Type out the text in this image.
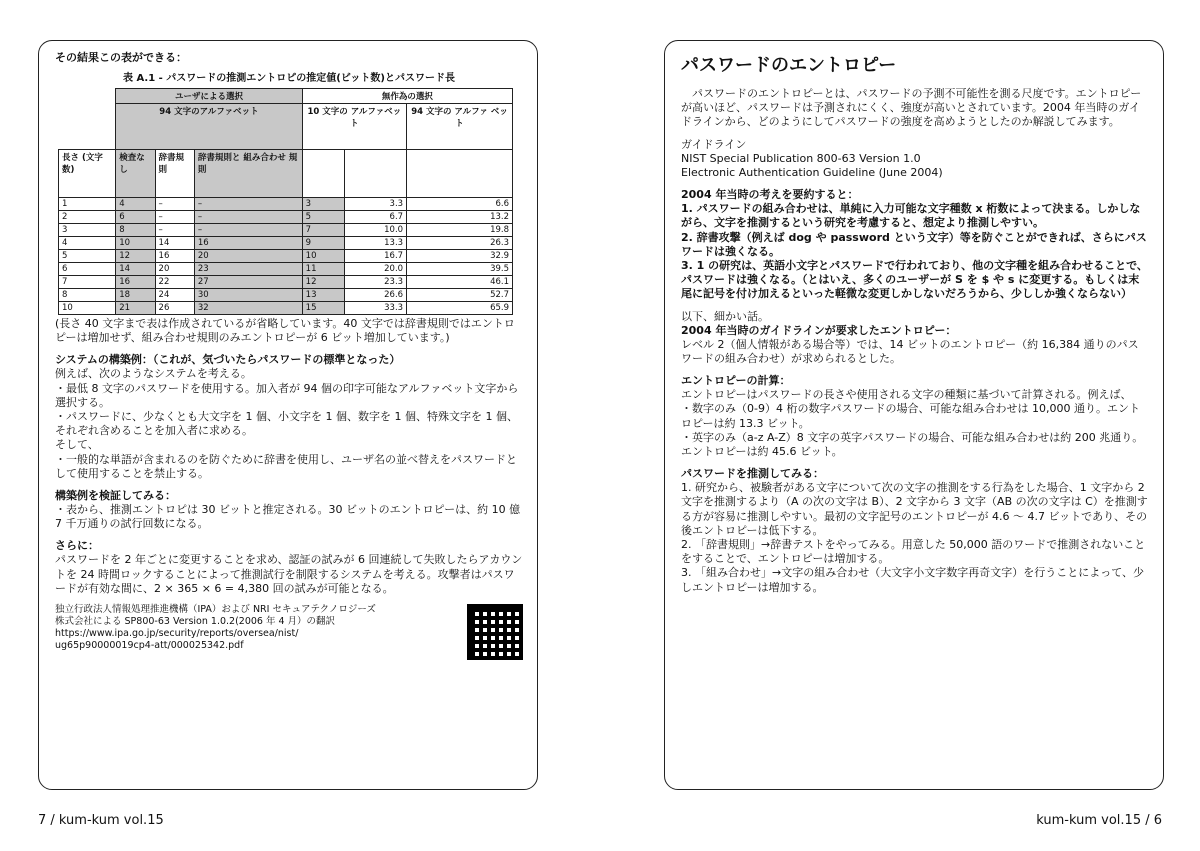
その結果この表ができる：

表 A.1 - パスワードの推測エントロピの推定値(ビット数)とパスワード長

	ユーザによる選択			無作為の選択		
	94 文字のアルファベット			10 文字の アルファベット		94 文字の アルファ ベット
長さ (文字数)	検査なし	辞書規則	辞書規則と 組み合わせ 規則			
1	4	–	–	3	3.3	6.6
2	6	–	–	5	6.7	13.2
3	8	–	–	7	10.0	19.8
4	10	14	16	9	13.3	26.3
5	12	16	20	10	16.7	32.9
6	14	20	23	11	20.0	39.5
7	16	22	27	12	23.3	46.1
8	18	24	30	13	26.6	52.7
10	21	26	32	15	33.3	65.9

(長さ 40 文字まで表は作成されているが省略しています。40 文字では辞書規則ではエントロピーは増加せず、組み合わせ規則のみエントロピーが 6 ビット増加しています。)

システムの構築例：（これが、気づいたらパスワードの標準となった）

例えば、次のようなシステムを考える。

・最低 8 文字のパスワードを使用する。加入者が 94 個の印字可能なアルファベット文字から選択する。

・パスワードに、少なくとも大文字を 1 個、小文字を 1 個、数字を 1 個、特殊文字を 1 個、それぞれ含めることを加入者に求める。

そして、

・一般的な単語が含まれるのを防ぐために辞書を使用し、ユーザ名の並べ替えをパスワードとして使用することを禁止する。

構築例を検証してみる：

・表から、推測エントロピは 30 ビットと推定される。30 ビットのエントロピーは、約 10 億 7 千万通りの試行回数になる。

さらに：

パスワードを 2 年ごとに変更することを求め、認証の試みが 6 回連続して失敗したらアカウントを 24 時間ロックすることによって推測試行を制限するシステムを考える。攻撃者はパスワードが有効な間に、2 × 365 × 6 = 4,380 回の試みが可能となる。

独立行政法人情報処理推進機構（IPA）および NRI セキュアテクノロジーズ

株式会社による SP800-63 Version 1.0.2(2006 年 4 月）の翻訳

https://www.ipa.go.jp/security/reports/oversea/nist/

ug65p90000019cp4-att/000025342.pdf

7 / kum-kum vol.15

パスワードのエントロピー

パスワードのエントロピーとは、パスワードの予測不可能性を測る尺度です。エントロピーが高いほど、パスワードは予測されにくく、強度が高いとされています。2004 年当時のガイドラインから、どのようにしてパスワードの強度を高めようとしたのか解説してみます。

ガイドライン

NIST Special Publication 800-63 Version 1.0

Electronic Authentication Guideline (June 2004)

2004 年当時の考えを要約すると：

1. パスワードの組み合わせは、単純に入力可能な文字種数 x 桁数によって決まる。しかしながら、文字を推測するという研究を考慮すると、想定より推測しやすい。

2. 辞書攻撃（例えば dog や password という文字）等を防ぐことができれば、さらにパスワードは強くなる。

3. 1 の研究は、英語小文字とパスワードで行われており、他の文字種を組み合わせることで、パスワードは強くなる。（とはいえ、多くのユーザーが S を $ や s に変更する。もしくは末尾に記号を付け加えるといった軽微な変更しかしないだろうから、少ししか強くならない）

以下、細かい話。

2004 年当時のガイドラインが要求したエントロピー：

レベル 2（個人情報がある場合等）では、14 ビットのエントロピー（約 16,384 通りのパスワードの組み合わせ）が求められるとした。

エントロピーの計算：

エントロピーはパスワードの長さや使用される文字の種類に基づいて計算される。例えば、

・数字のみ（0-9）4 桁の数字パスワードの場合、可能な組み合わせは 10,000 通り。エントロピーは約 13.3 ビット。

・英字のみ（a-z A-Z）8 文字の英字パスワードの場合、可能な組み合わせは約 200 兆通り。エントロピーは約 45.6 ビット。

パスワードを推測してみる：

1. 研究から、被験者がある文字について次の文字の推測をする行為をした場合、1 文字から 2 文字を推測するより（A の次の文字は B）、2 文字から 3 文字（AB の次の文字は C）を推測する方が容易に推測しやすい。最初の文字記号のエントロピーが 4.6 ～ 4.7 ビットであり、その後エントロピーは低下する。

2. 「辞書規則」→辞書テストをやってみる。用意した 50,000 語のワードで推測されないことをすることで、エントロピーは増加する。

3. 「組み合わせ」→文字の組み合わせ（大文字小文字数字再奇文字）を行うことによって、少しエントロピーは増加する。

kum-kum vol.15 / 6
